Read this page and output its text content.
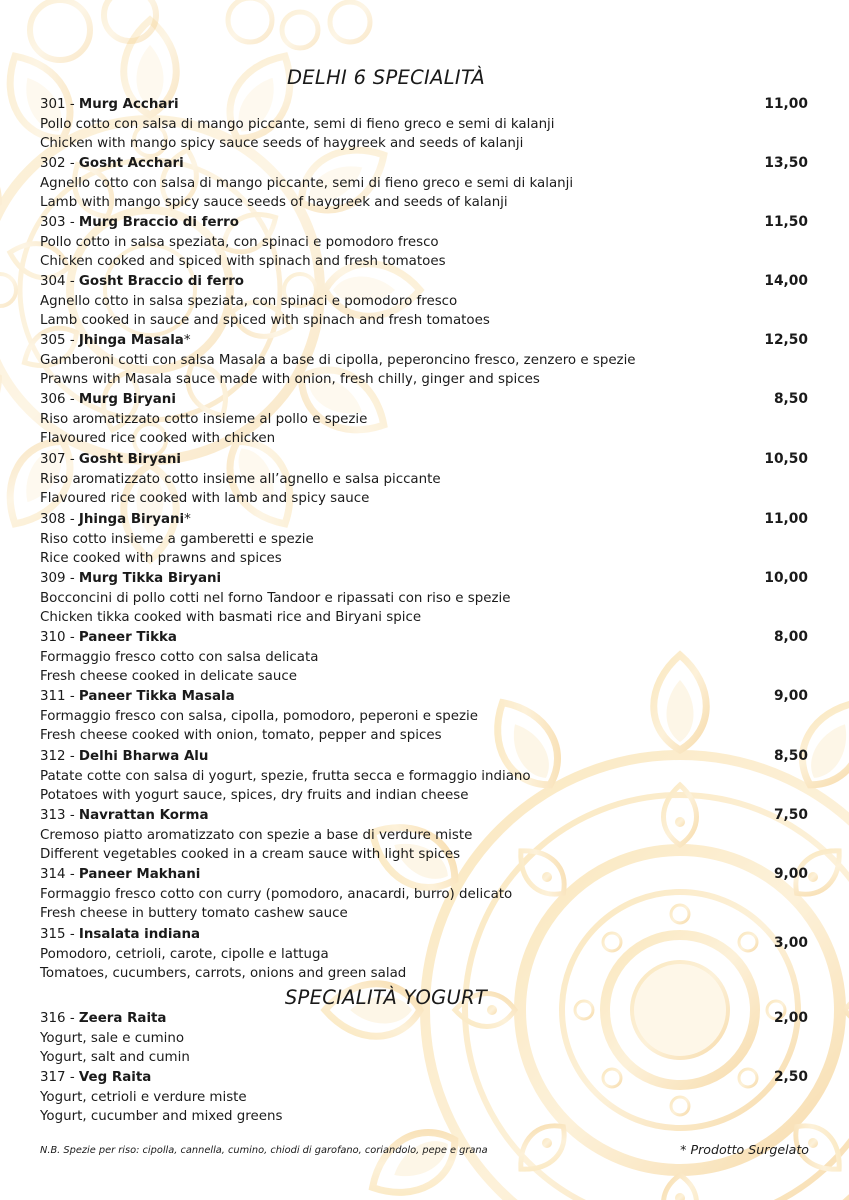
DELHI 6 SPECIALITÀ
301 - Murg Acchari
Pollo cotto con salsa di mango piccante, semi di fieno greco e semi di kalanji
Chicken with mango spicy sauce seeds of haygreek and seeds of kalanji
11,00
302 - Gosht Acchari
Agnello cotto con salsa di mango piccante, semi di fieno greco e semi di kalanji
Lamb with mango spicy sauce seeds of haygreek and seeds of kalanji
13,50
303 - Murg Braccio di ferro
Pollo cotto in salsa speziata, con spinaci e pomodoro fresco
Chicken cooked and spiced with spinach and fresh tomatoes
11,50
304 - Gosht Braccio di ferro
Agnello cotto in salsa speziata, con spinaci e pomodoro fresco
Lamb cooked in sauce and spiced with spinach and fresh tomatoes
14,00
305 - Jhinga Masala*
Gamberoni cotti con salsa Masala a base di cipolla, peperoncino fresco, zenzero e spezie
Prawns with Masala sauce made with onion, fresh chilly, ginger and spices
12,50
306 - Murg Biryani
Riso aromatizzato cotto insieme al pollo e spezie
Flavoured rice cooked with chicken
8,50
307 - Gosht Biryani
Riso aromatizzato cotto insieme all’agnello e salsa piccante
Flavoured rice cooked with lamb and spicy sauce
10,50
308 - Jhinga Biryani*
Riso cotto insieme a gamberetti e spezie
Rice cooked with prawns and spices
11,00
309 - Murg Tikka Biryani
Bocconcini di pollo cotti nel forno Tandoor e ripassati con riso e spezie
Chicken tikka cooked with basmati rice and Biryani spice
10,00
310 - Paneer Tikka
Formaggio fresco cotto con salsa delicata
Fresh cheese cooked in delicate sauce
8,00
311 - Paneer Tikka Masala
Formaggio fresco con salsa, cipolla, pomodoro, peperoni e spezie
Fresh cheese cooked with onion, tomato, pepper and spices
9,00
312 - Delhi Bharwa Alu
Patate cotte con salsa di yogurt, spezie, frutta secca e formaggio indiano
Potatoes with yogurt sauce, spices, dry fruits and indian cheese
8,50
313 - Navrattan Korma
Cremoso piatto aromatizzato con spezie a base di verdure miste
Different vegetables cooked in a cream sauce with light spices
7,50
314 - Paneer Makhani
Formaggio fresco cotto con curry (pomodoro, anacardi, burro) delicato
Fresh cheese in buttery tomato cashew sauce
9,00
315 - Insalata indiana
Pomodoro, cetrioli, carote, cipolle e lattuga
Tomatoes, cucumbers, carrots, onions and green salad
3,00
SPECIALITÀ YOGURT
316 - Zeera Raita
Yogurt, sale e cumino
Yogurt, salt and cumin
2,00
317 - Veg Raita
Yogurt, cetrioli e verdure miste
Yogurt, cucumber and mixed greens
2,50
N.B. Spezie per riso: cipolla, cannella, cumino, chiodi di garofano, coriandolo, pepe e grana	* Prodotto Surgelato
